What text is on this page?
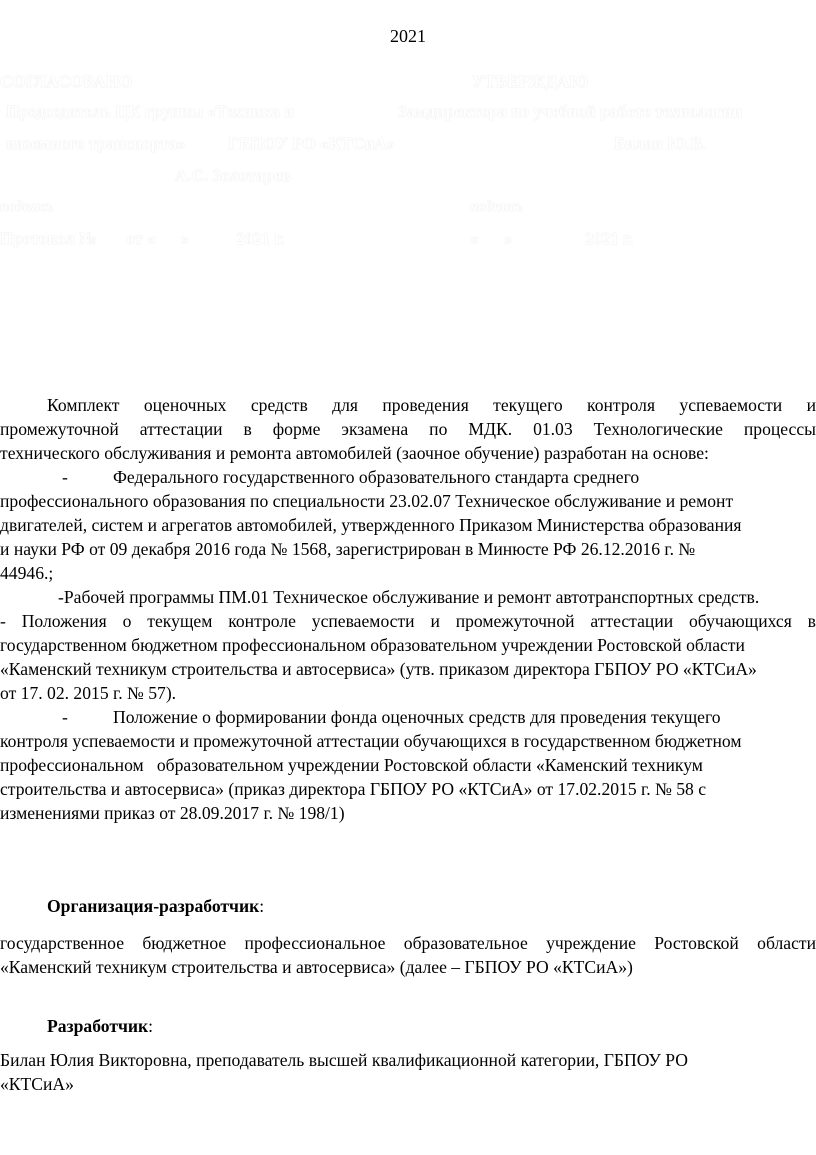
2021
СОГЛАСОВАНО
Председатель ЦК группы «Техника и
наземного транспорта» ГБПОУ РО «КТСиА»
А.С. Золотарев
подпись
Протокол №       от «      »           2021 г.
УТВЕРЖДАЮ
Замдиректора по учебной работе технологии
Билан Ю.В.
подпись
«      »                 2021 г.

Комплект оценочных средств для проведения текущего контроля успеваемости и
промежуточной аттестации в форме экзамена по МДК. 01.03 Технологические процессы
технического обслуживания и ремонта автомобилей (заочное обучение) разработан на основе:

-	Федерального государственного образовательного стандарта среднего
профессионального образования по специальности 23.02.07 Техническое обслуживание и ремонт
двигателей, систем и агрегатов автомобилей, утвержденного Приказом Министерства образования
и науки РФ от 09 декабря 2016 года № 1568, зарегистрирован в Минюсте РФ 26.12.2016 г. №
44946.;
-Рабочей программы ПМ.01 Техническое обслуживание и ремонт автотранспортных средств.
- Положения о текущем контроле успеваемости и промежуточной аттестации обучающихся в
государственном бюджетном профессиональном образовательном учреждении Ростовской области
«Каменский техникум строительства и автосервиса» (утв. приказом директора ГБПОУ РО «КТСиА»
от 17. 02. 2015 г. № 57).
-	Положение о формировании фонда оценочных средств для проведения текущего
контроля успеваемости и промежуточной аттестации обучающихся в государственном бюджетном
профессиональном   образовательном учреждении Ростовской области «Каменский техникум
строительства и автосервиса» (приказ директора ГБПОУ РО «КТСиА» от 17.02.2015 г. № 58 с
изменениями приказ от 28.09.2017 г. № 198/1)
Организация-разработчик:
государственное бюджетное профессиональное образовательное учреждение Ростовской области
«Каменский техникум строительства и автосервиса» (далее – ГБПОУ РО «КТСиА»)
Разработчик:
Билан Юлия Викторовна, преподаватель высшей квалификационной категории, ГБПОУ РО
«КТСиА»
